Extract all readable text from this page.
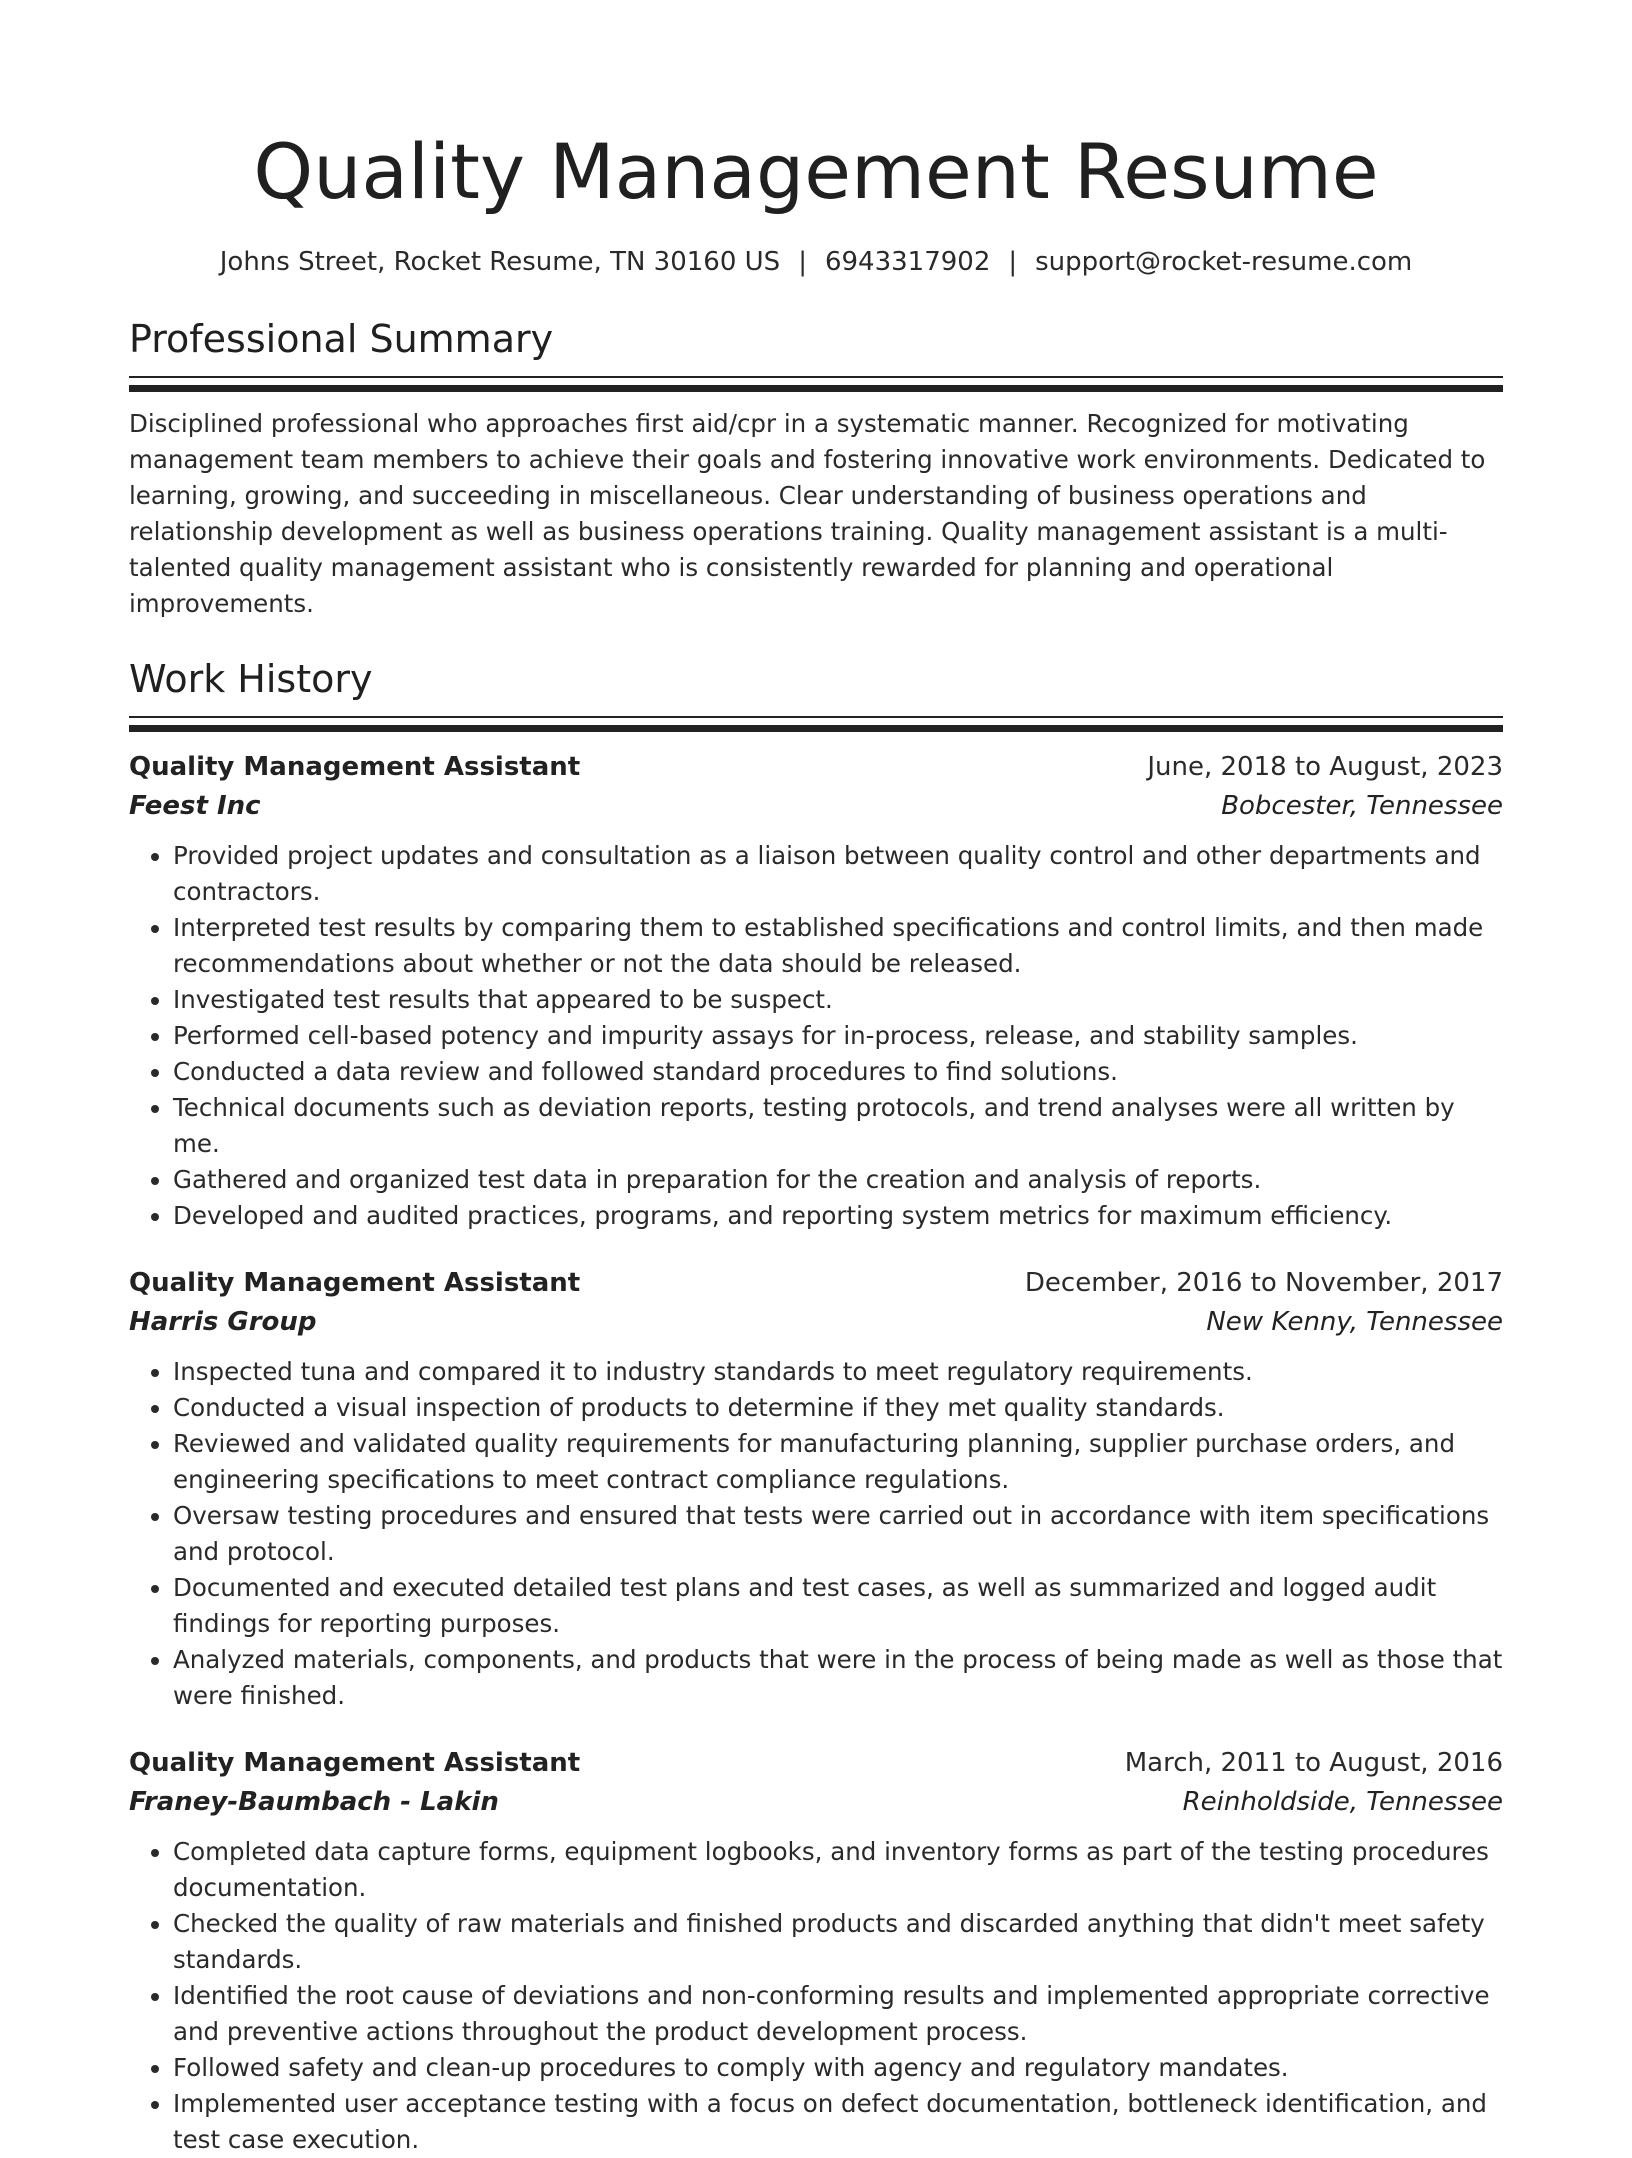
Quality Management Resume
Johns Street, Rocket Resume, TN 30160 US | 6943317902 | support@rocket-resume.com
Professional Summary

Disciplined professional who approaches first aid/cpr in a systematic manner. Recognized for motivating management team members to achieve their goals and fostering innovative work environments. Dedicated to learning, growing, and succeeding in miscellaneous. Clear understanding of business operations and relationship development as well as business operations training. Quality management assistant is a multi-talented quality management assistant who is consistently rewarded for planning and operational improvements.

Work History
Quality Management Assistant	June, 2018 to August, 2023
Feest Inc	Bobcester, Tennessee
• Provided project updates and consultation as a liaison between quality control and other departments and contractors.
• Interpreted test results by comparing them to established specifications and control limits, and then made recommendations about whether or not the data should be released.
• Investigated test results that appeared to be suspect.
• Performed cell-based potency and impurity assays for in-process, release, and stability samples.
• Conducted a data review and followed standard procedures to find solutions.
• Technical documents such as deviation reports, testing protocols, and trend analyses were all written by me.
• Gathered and organized test data in preparation for the creation and analysis of reports.
• Developed and audited practices, programs, and reporting system metrics for maximum efficiency.
Quality Management Assistant	December, 2016 to November, 2017
Harris Group	New Kenny, Tennessee
• Inspected tuna and compared it to industry standards to meet regulatory requirements.
• Conducted a visual inspection of products to determine if they met quality standards.
• Reviewed and validated quality requirements for manufacturing planning, supplier purchase orders, and engineering specifications to meet contract compliance regulations.
• Oversaw testing procedures and ensured that tests were carried out in accordance with item specifications and protocol.
• Documented and executed detailed test plans and test cases, as well as summarized and logged audit findings for reporting purposes.
• Analyzed materials, components, and products that were in the process of being made as well as those that were finished.
Quality Management Assistant	March, 2011 to August, 2016
Franey-Baumbach - Lakin	Reinholdside, Tennessee
• Completed data capture forms, equipment logbooks, and inventory forms as part of the testing procedures documentation.
• Checked the quality of raw materials and finished products and discarded anything that didn't meet safety standards.
• Identified the root cause of deviations and non-conforming results and implemented appropriate corrective and preventive actions throughout the product development process.
• Followed safety and clean-up procedures to comply with agency and regulatory mandates.
• Implemented user acceptance testing with a focus on defect documentation, bottleneck identification, and test case execution.
